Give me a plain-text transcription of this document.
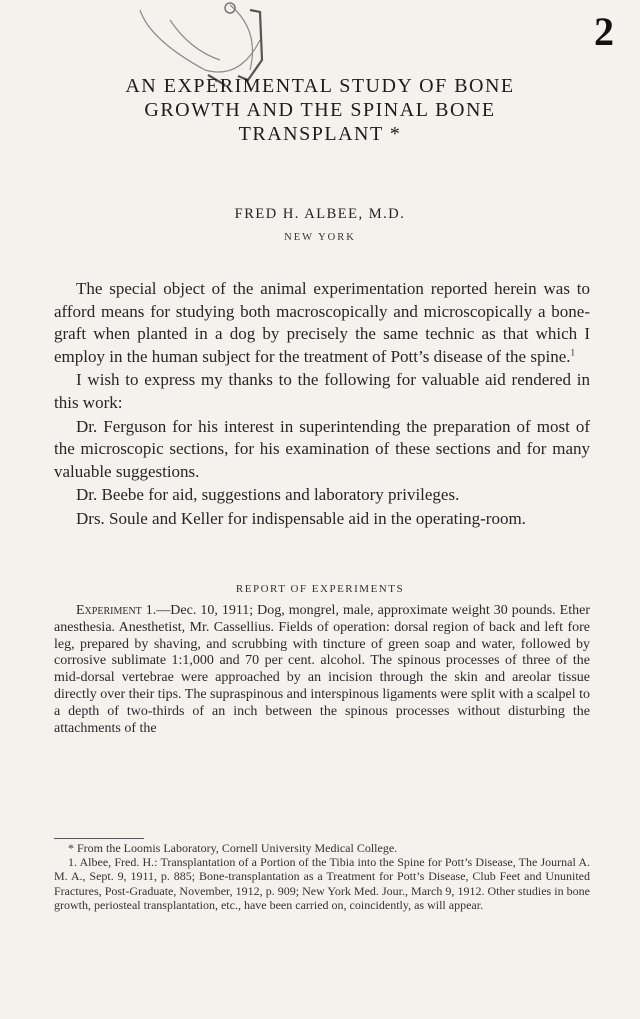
2
AN EXPERIMENTAL STUDY OF BONE
GROWTH AND THE SPINAL BONE
TRANSPLANT *
FRED H. ALBEE, M.D.
NEW YORK

The special object of the animal experimentation reported herein was to afford means for studying both macroscopically and microscopically a bone-graft when planted in a dog by precisely the same technic as that which I employ in the human subject for the treatment of Pott’s disease of the spine.$^1$

I wish to express my thanks to the following for valuable aid rendered in this work:

Dr. Ferguson for his interest in superintending the preparation of most of the microscopic sections, for his examination of these sections and for many valuable suggestions.

Dr. Beebe for aid, suggestions and laboratory privileges.

Drs. Soule and Keller for indispensable aid in the operating-room.

REPORT OF EXPERIMENTS

Experiment 1.—Dec. 10, 1911; Dog, mongrel, male, approximate weight 30 pounds. Ether anesthesia. Anesthetist, Mr. Cassellius. Fields of operation: dorsal region of back and left fore leg, prepared by shaving, and scrubbing with tincture of green soap and water, followed by corrosive sublimate 1:1,000 and 70 per cent. alcohol. The spinous processes of three of the mid-dorsal vertebrae were approached by an incision through the skin and areolar tissue directly over their tips. The supraspinous and interspinous ligaments were split with a scalpel to a depth of two-thirds of an inch between the spinous processes without disturbing the attachments of the

* From the Loomis Laboratory, Cornell University Medical College.

1. Albee, Fred. H.: Transplantation of a Portion of the Tibia into the Spine for Pott’s Disease, The Journal A. M. A., Sept. 9, 1911, p. 885; Bone-transplantation as a Treatment for Pott’s Disease, Club Feet and Ununited Fractures, Post-Graduate, November, 1912, p. 909; New York Med. Jour., March 9, 1912. Other studies in bone growth, periosteal transplantation, etc., have been carried on, coincidently, as will appear.
